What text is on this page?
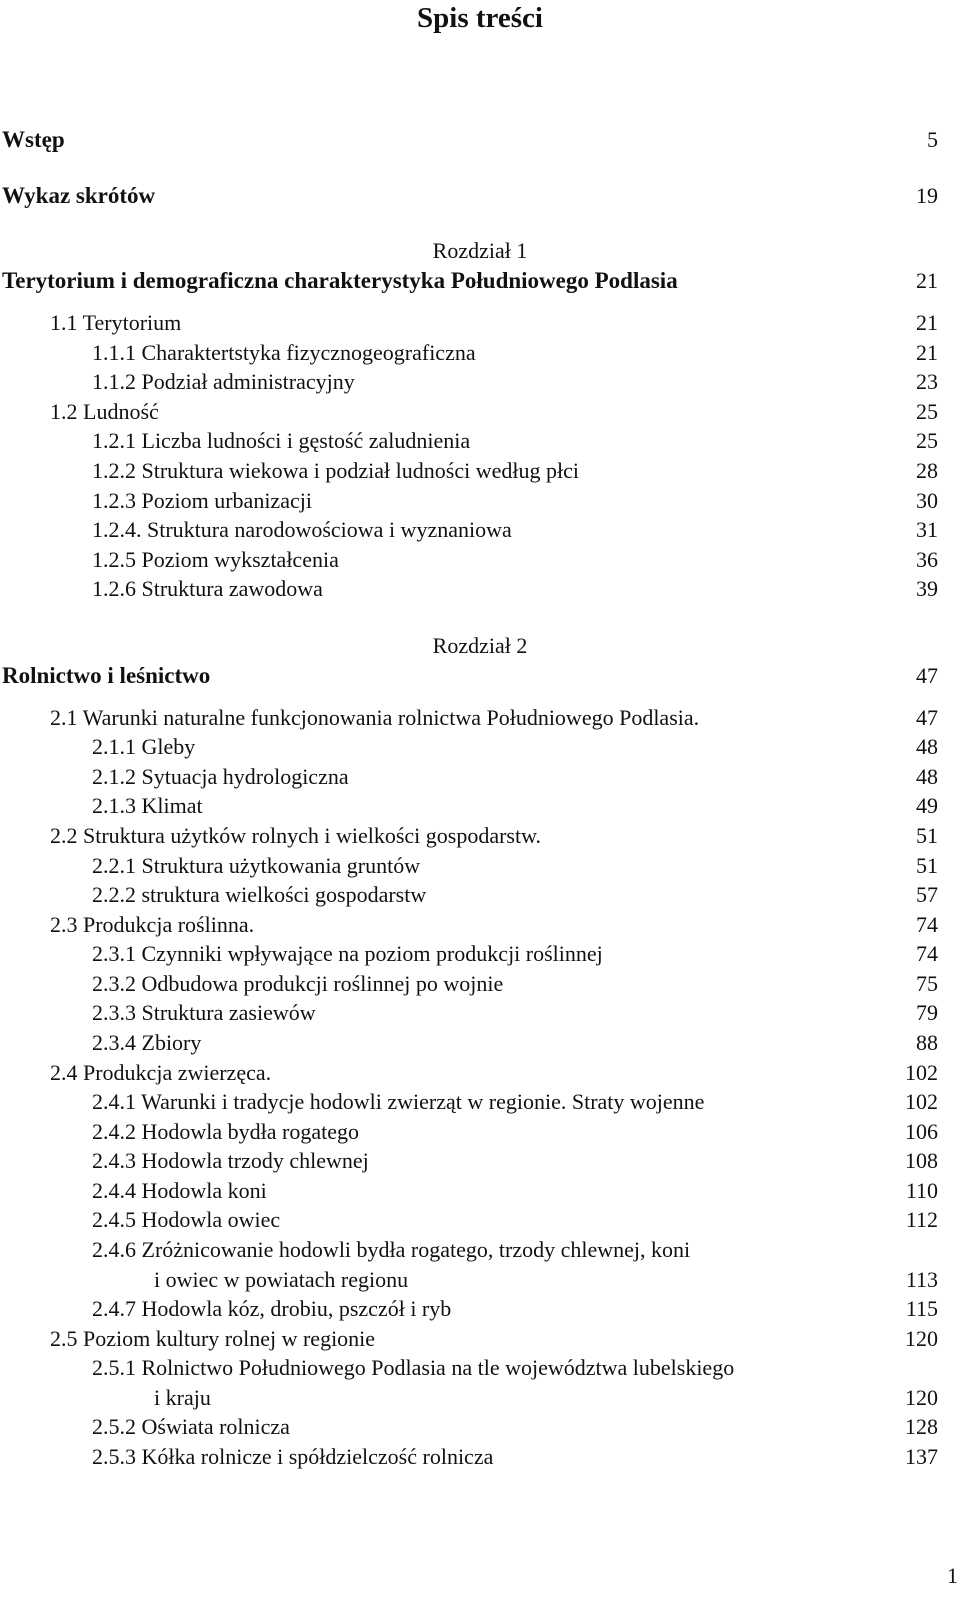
Spis treści
Wstęp	5
Wykaz skrótów	19
Rozdział 1
Terytorium i demograficzna charakterystyka Południowego Podlasia	21
1.1 Terytorium	21
1.1.1 Charaktertstyka fizycznogeograficzna	21
1.1.2 Podział administracyjny	23
1.2 Ludność	25
1.2.1 Liczba ludności i gęstość zaludnienia	25
1.2.2 Struktura wiekowa i podział ludności według płci	28
1.2.3 Poziom urbanizacji	30
1.2.4. Struktura narodowościowa i wyznaniowa	31
1.2.5 Poziom wykształcenia	36
1.2.6 Struktura zawodowa	39
Rozdział 2
Rolnictwo i leśnictwo	47
2.1 Warunki naturalne funkcjonowania rolnictwa Południowego Podlasia.	47
2.1.1 Gleby	48
2.1.2 Sytuacja hydrologiczna	48
2.1.3 Klimat	49
2.2 Struktura użytków rolnych i wielkości gospodarstw.	51
2.2.1 Struktura użytkowania gruntów	51
2.2.2 struktura wielkości gospodarstw	57
2.3 Produkcja roślinna.	74
2.3.1 Czynniki wpływające na poziom produkcji roślinnej	74
2.3.2 Odbudowa produkcji roślinnej po wojnie	75
2.3.3 Struktura zasiewów	79
2.3.4 Zbiory	88
2.4 Produkcja zwierzęca.	102
2.4.1 Warunki i tradycje hodowli zwierząt w regionie. Straty wojenne	102
2.4.2 Hodowla bydła rogatego	106
2.4.3 Hodowla trzody chlewnej	108
2.4.4 Hodowla koni	110
2.4.5 Hodowla owiec	112
2.4.6 Zróżnicowanie hodowli bydła rogatego, trzody chlewnej, koni
i owiec w powiatach regionu	113
2.4.7 Hodowla kóz, drobiu, pszczół i ryb	115
2.5 Poziom kultury rolnej w regionie	120
2.5.1 Rolnictwo Południowego Podlasia na tle województwa lubelskiego
i kraju	120
2.5.2 Oświata rolnicza	128
2.5.3 Kółka rolnicze i spółdzielczość rolnicza	137
1
